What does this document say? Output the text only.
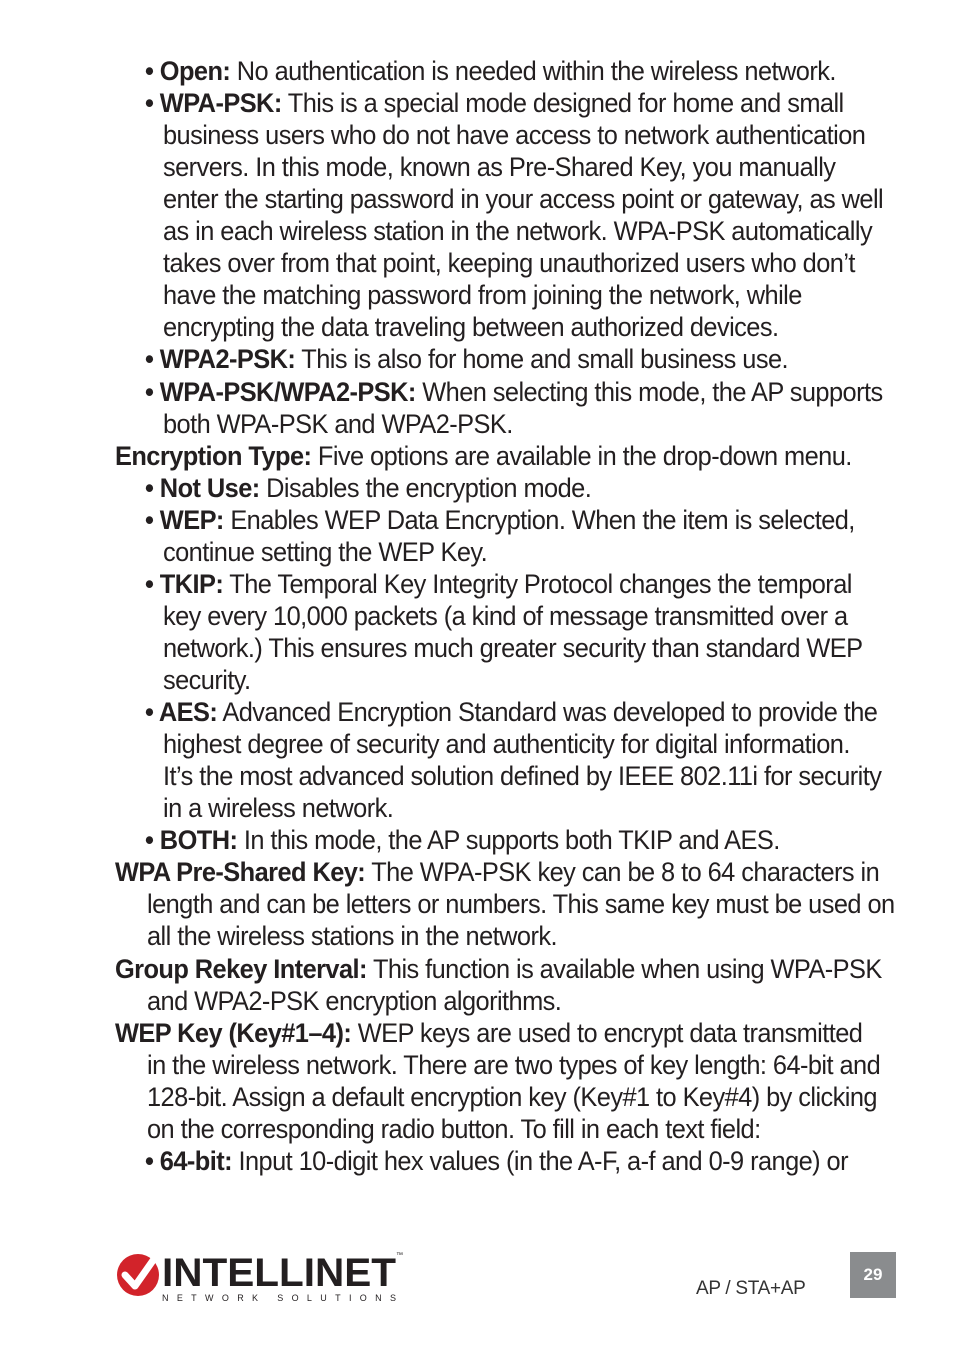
• Open: No authentication is needed within the wireless network.
• WPA-PSK: This is a special mode designed for home and small
business users who do not have access to network authentication
servers. In this mode, known as Pre-Shared Key, you manually
enter the starting password in your access point or gateway, as well
as in each wireless station in the network. WPA-PSK automatically
takes over from that point, keeping unauthorized users who don’t
have the matching password from joining the network, while
encrypting the data traveling between authorized devices.
• WPA2-PSK: This is also for home and small business use.
• WPA-PSK/WPA2-PSK: When selecting this mode, the AP supports
both WPA-PSK and WPA2-PSK.
Encryption Type: Five options are available in the drop-down menu.
• Not Use: Disables the encryption mode.
• WEP: Enables WEP Data Encryption. When the item is selected,
continue setting the WEP Key.
• TKIP: The Temporal Key Integrity Protocol changes the temporal
key every 10,000 packets (a kind of message transmitted over a
network.) This ensures much greater security than standard WEP
security.
• AES: Advanced Encryption Standard was developed to provide the
highest degree of security and authenticity for digital information.
It’s the most advanced solution defined by IEEE 802.11i for security
in a wireless network.
• BOTH: In this mode, the AP supports both TKIP and AES.
WPA Pre-Shared Key: The WPA-PSK key can be 8 to 64 characters in
length and can be letters or numbers. This same key must be used on
all the wireless stations in the network.
Group Rekey Interval: This function is available when using WPA-PSK
and WPA2-PSK encryption algorithms.
WEP Key (Key#1–4): WEP keys are used to encrypt data transmitted
in the wireless network. There are two types of key length: 64-bit and
128-bit. Assign a default encryption key (Key#1 to Key#4) by clicking
on the corresponding radio button. To fill in each text field:
• 64-bit: Input 10-digit hex values (in the A-F, a-f and 0-9 range) or
INTELLINET ™
NETWORK SOLUTIONS	AP / STA+AP
29
